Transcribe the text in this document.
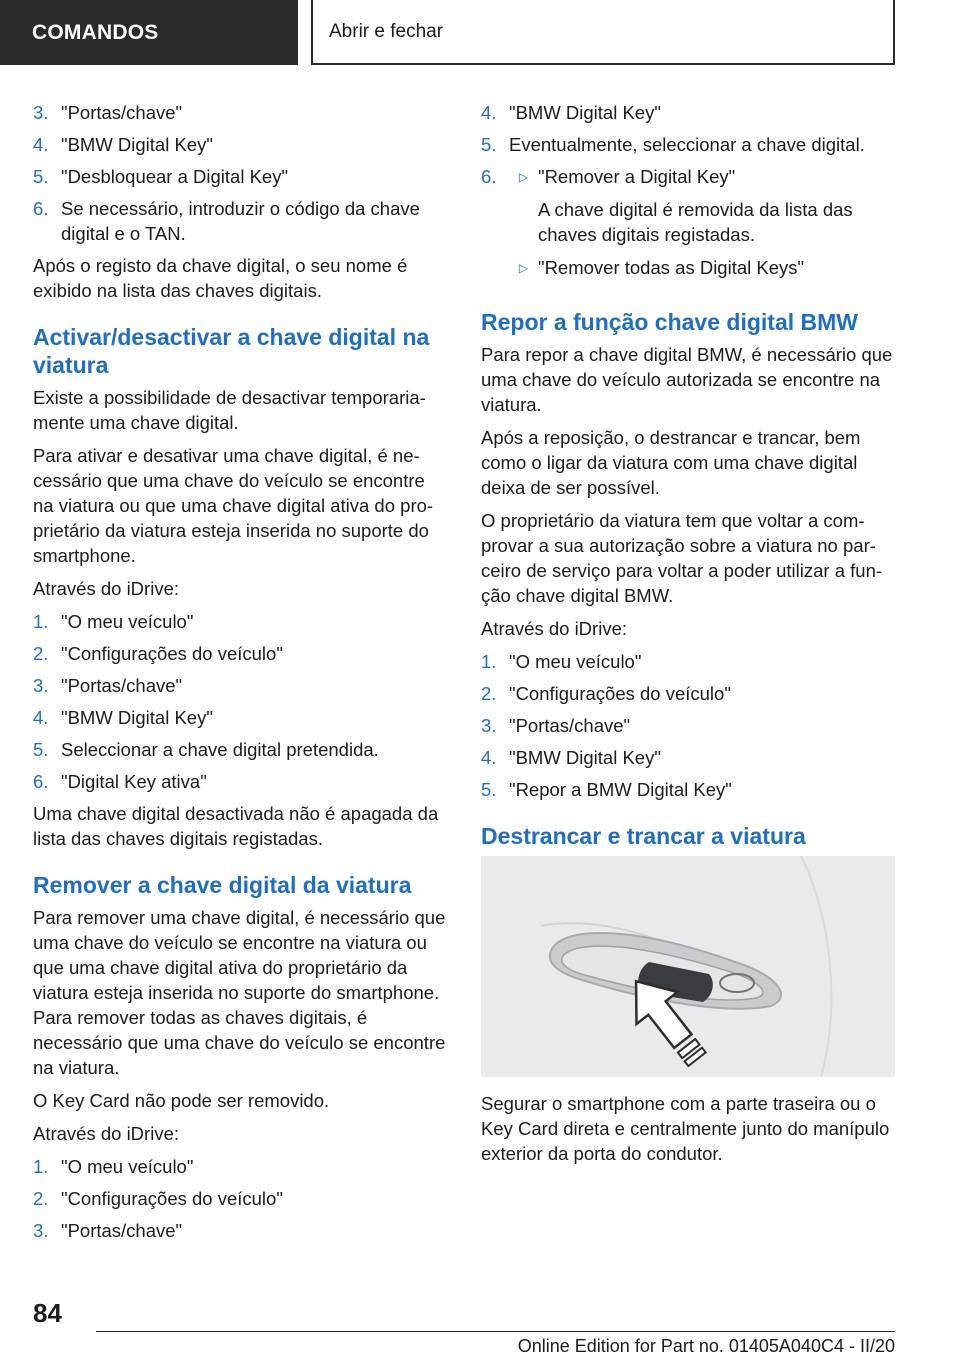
COMANDOS	Abrir e fechar
3. "Portas/chave"
4. "BMW Digital Key"
5. "Desbloquear a Digital Key"
6. Se necessário, introduzir o código da chave digital e o TAN.

Após o registo da chave digital, o seu nome é exibido na lista das chaves digitais.

Activar/desactivar a chave digital na viatura

Existe a possibilidade de desactivar temporariamente uma chave digital.

Para ativar e desativar uma chave digital, é necessário que uma chave do veículo se encontre na viatura ou que uma chave digital ativa do proprietário da viatura esteja inserida no suporte do smartphone.

Através do iDrive:

1. "O meu veículo"
2. "Configurações do veículo"
3. "Portas/chave"
4. "BMW Digital Key"
5. Seleccionar a chave digital pretendida.
6. "Digital Key ativa"

Uma chave digital desactivada não é apagada da lista das chaves digitais registadas.

Remover a chave digital da viatura

Para remover uma chave digital, é necessário que uma chave do veículo se encontre na viatura ou que uma chave digital ativa do proprietário da viatura esteja inserida no suporte do smartphone. Para remover todas as chaves digitais, é necessário que uma chave do veículo se encontre na viatura.

O Key Card não pode ser removido.

Através do iDrive:

1. "O meu veículo"
2. "Configurações do veículo"
3. "Portas/chave"
4. "BMW Digital Key"
5. Eventualmente, seleccionar a chave digital.
6.	▷ "Remover a Digital Key"
A chave digital é removida da lista das chaves digitais registadas.
▷ "Remover todas as Digital Keys"
Repor a função chave digital BMW

Para repor a chave digital BMW, é necessário que uma chave do veículo autorizada se encontre na viatura.

Após a reposição, o destrancar e trancar, bem como o ligar da viatura com uma chave digital deixa de ser possível.

O proprietário da viatura tem que voltar a comprovar a sua autorização sobre a viatura no parceiro de serviço para voltar a poder utilizar a função chave digital BMW.

Através do iDrive:

1. "O meu veículo"
2. "Configurações do veículo"
3. "Portas/chave"
4. "BMW Digital Key"
5. "Repor a BMW Digital Key"
Destrancar e trancar a viatura

Segurar o smartphone com a parte traseira ou o Key Card direta e centralmente junto do manípulo exterior da porta do condutor.

84
Online Edition for Part no. 01405A040C4 - II/20
